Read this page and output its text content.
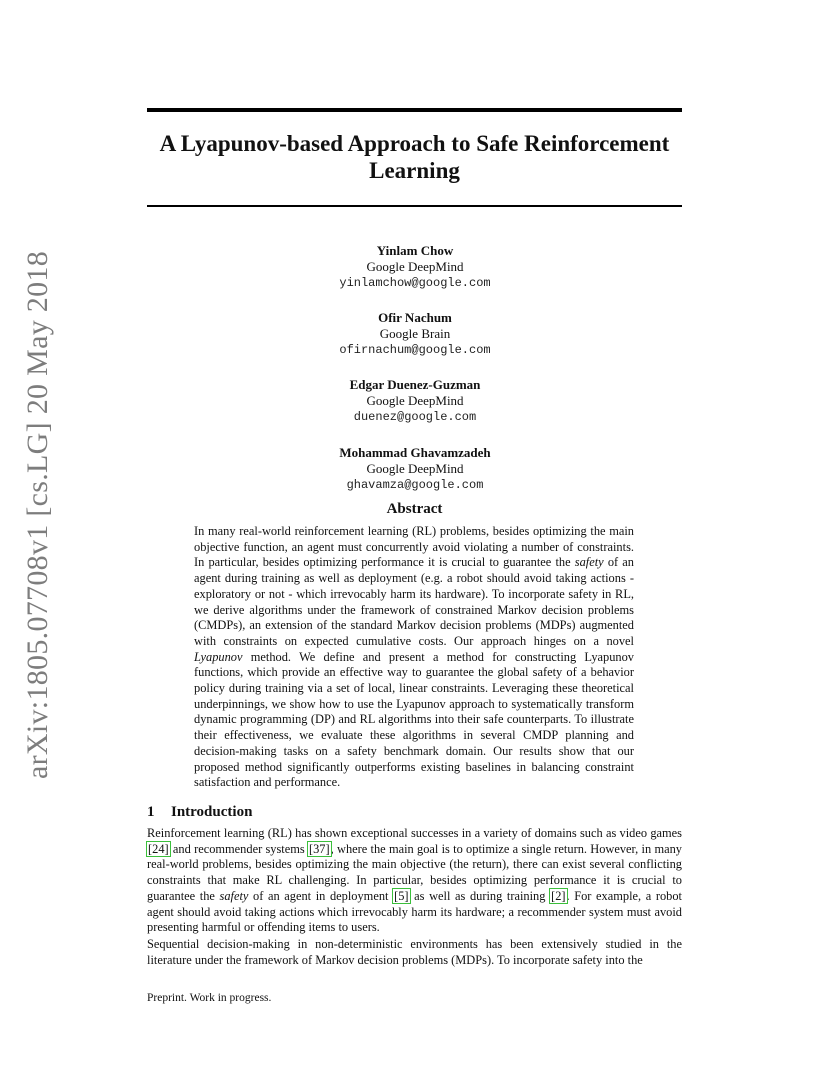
arXiv:1805.07708v1 [cs.LG] 20 May 2018
A Lyapunov-based Approach to Safe Reinforcement Learning
Yinlam Chow
Google DeepMind
yinlamchow@google.com
Ofir Nachum
Google Brain
ofirnachum@google.com
Edgar Duenez-Guzman
Google DeepMind
duenez@google.com
Mohammad Ghavamzadeh
Google DeepMind
ghavamza@google.com
Abstract

In many real-world reinforcement learning (RL) problems, besides optimizing the main objective function, an agent must concurrently avoid violating a number of constraints. In particular, besides optimizing performance it is crucial to guarantee the safety of an agent during training as well as deployment (e.g. a robot should avoid taking actions - exploratory or not - which irrevocably harm its hardware). To incorporate safety in RL, we derive algorithms under the framework of constrained Markov decision problems (CMDPs), an extension of the standard Markov decision problems (MDPs) augmented with constraints on expected cumulative costs. Our approach hinges on a novel Lyapunov method. We define and present a method for constructing Lyapunov functions, which provide an effective way to guarantee the global safety of a behavior policy during training via a set of local, linear constraints. Leveraging these theoretical underpinnings, we show how to use the Lyapunov approach to systematically transform dynamic programming (DP) and RL algorithms into their safe counterparts. To illustrate their effectiveness, we evaluate these algorithms in several CMDP planning and decision-making tasks on a safety benchmark domain. Our results show that our proposed method significantly outperforms existing baselines in balancing constraint satisfaction and performance.

1 Introduction

Reinforcement learning (RL) has shown exceptional successes in a variety of domains such as video games [24] and recommender systems [37], where the main goal is to optimize a single return. However, in many real-world problems, besides optimizing the main objective (the return), there can exist several conflicting constraints that make RL challenging. In particular, besides optimizing performance it is crucial to guarantee the safety of an agent in deployment [5] as well as during training [2]. For example, a robot agent should avoid taking actions which irrevocably harm its hardware; a recommender system must avoid presenting harmful or offending items to users.

Sequential decision-making in non-deterministic environments has been extensively studied in the literature under the framework of Markov decision problems (MDPs). To incorporate safety into the

Preprint. Work in progress.
